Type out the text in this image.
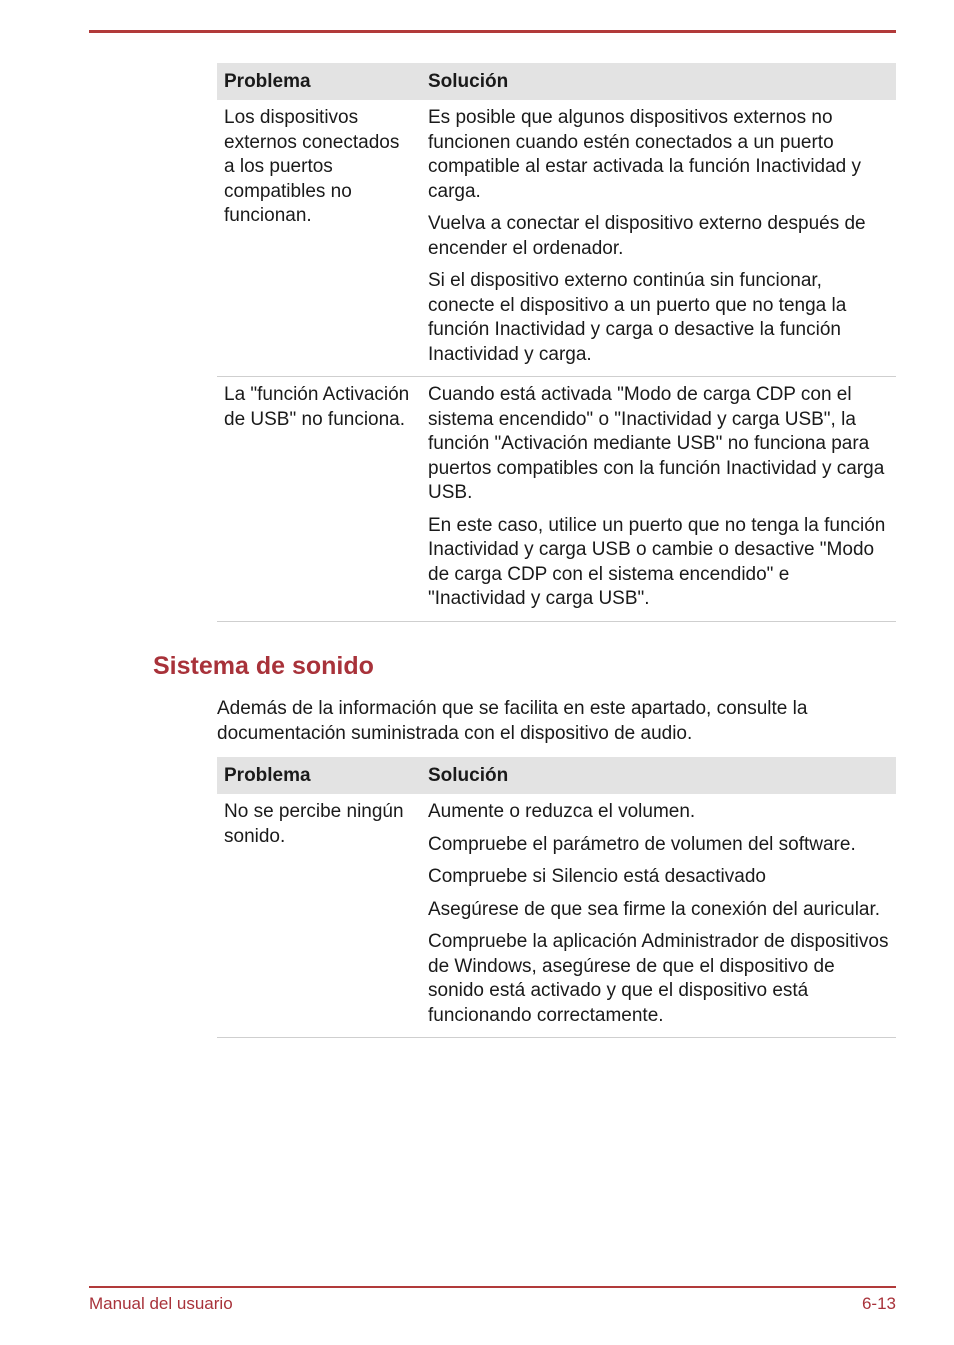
Problema	Solución
Los dispositivos externos conectados a los puertos compatibles no funcionan.	Es posible que algunos dispositivos externos no funcionen cuando estén conectados a un puerto compatible al estar activada la función Inactividad y carga.

Vuelva a conectar el dispositivo externo después de encender el ordenador.

Si el dispositivo externo continúa sin funcionar, conecte el dispositivo a un puerto que no tenga la función Inactividad y carga o desactive la función Inactividad y carga.

La "función Activación de USB" no funciona.	Cuando está activada "Modo de carga CDP con el sistema encendido" o "Inactividad y carga USB", la función "Activación mediante USB" no funciona para puertos compatibles con la función Inactividad y carga USB.

En este caso, utilice un puerto que no tenga la función Inactividad y carga USB o cambie o desactive "Modo de carga CDP con el sistema encendido" e "Inactividad y carga USB".

Sistema de sonido

Además de la información que se facilita en este apartado, consulte la documentación suministrada con el dispositivo de audio.

Problema	Solución
No se percibe ningún sonido.	Aumente o reduzca el volumen.

Compruebe el parámetro de volumen del software.

Compruebe si Silencio está desactivado

Asegúrese de que sea firme la conexión del auricular.

Compruebe la aplicación Administrador de dispositivos de Windows, asegúrese de que el dispositivo de sonido está activado y que el dispositivo está funcionando correctamente.

Manual del usuario	6-13
